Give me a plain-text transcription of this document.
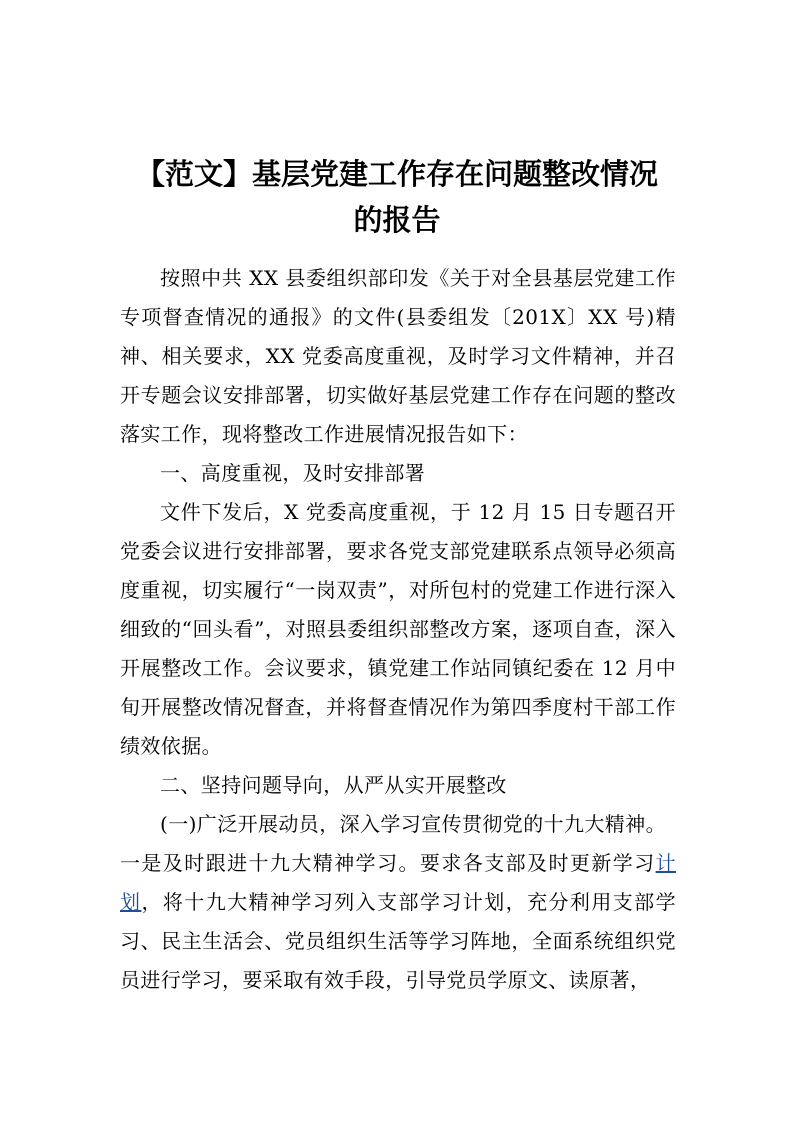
【范文】基层党建工作存在问题整改情况
的报告

按照中共 XX 县委组织部印发《关于对全县基层党建工作专项督查情况的通报》的文件(县委组发〔201X〕XX 号)精神、相关要求，XX 党委高度重视，及时学习文件精神，并召开专题会议安排部署，切实做好基层党建工作存在问题的整改落实工作，现将整改工作进展情况报告如下：

一、高度重视，及时安排部署

文件下发后，X 党委高度重视，于 12 月 15 日专题召开党委会议进行安排部署，要求各党支部党建联系点领导必须高度重视，切实履行“一岗双责”，对所包村的党建工作进行深入细致的“回头看”，对照县委组织部整改方案，逐项自查，深入开展整改工作。会议要求，镇党建工作站同镇纪委在 12 月中旬开展整改情况督查，并将督查情况作为第四季度村干部工作绩效依据。

二、坚持问题导向，从严从实开展整改

(一)广泛开展动员，深入学习宣传贯彻党的十九大精神。

一是及时跟进十九大精神学习。要求各支部及时更新学习计划，将十九大精神学习列入支部学习计划，充分利用支部学习、民主生活会、党员组织生活等学习阵地，全面系统组织党员进行学习，要采取有效手段，引导党员学原文、读原著，
